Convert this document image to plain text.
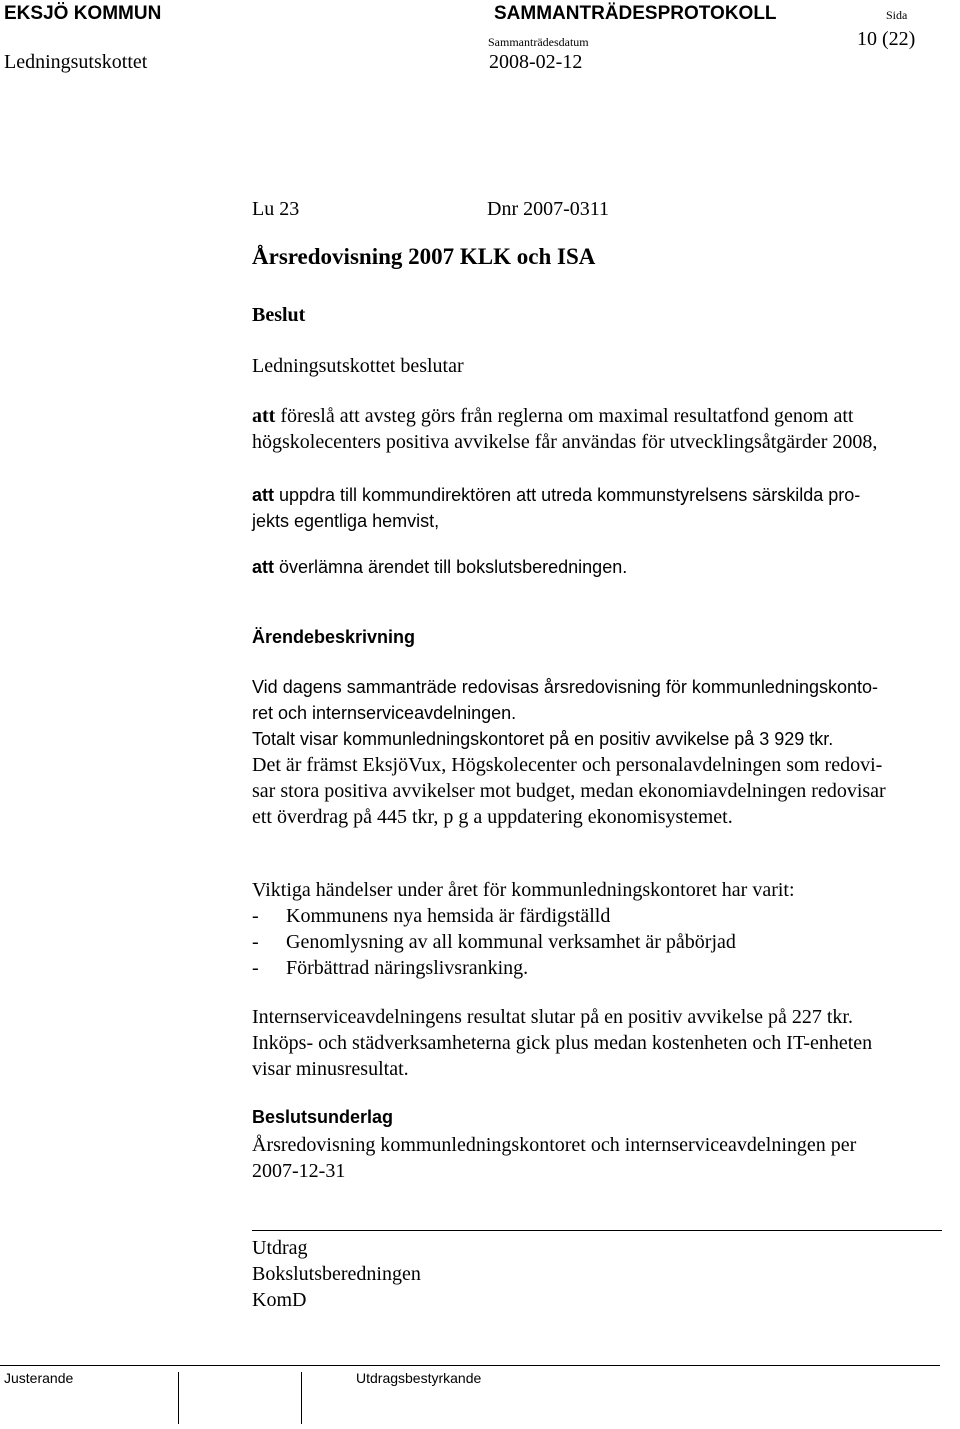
EKSJÖ KOMMUN	SAMMANTRÄDESPROTOKOLL	Sida
10 (22)
Ledningsutskottet
Sammanträdesdatum
2008-02-12
Lu 23	Dnr 2007-0311
Årsredovisning 2007 KLK och ISA
Beslut
Ledningsutskottet beslutar
att föreslå att avsteg görs från reglerna om maximal resultatfond genom att
högskolecenters positiva avvikelse får användas för utvecklingsåtgärder 2008,
att uppdra till kommundirektören att utreda kommunstyrelsens särskilda pro-
jekts egentliga hemvist,
att överlämna ärendet till bokslutsberedningen.
Ärendebeskrivning
Vid dagens sammanträde redovisas årsredovisning för kommunledningskonto-
ret och internserviceavdelningen.
Totalt visar kommunledningskontoret på en positiv avvikelse på 3 929 tkr.
Det är främst EksjöVux, Högskolecenter och personalavdelningen som redovi-
sar stora positiva avvikelser mot budget, medan ekonomiavdelningen redovisar
ett överdrag på 445 tkr, p g a uppdatering ekonomisystemet.
Viktiga händelser under året för kommunledningskontoret har varit:
- Kommunens nya hemsida är färdigställd
- Genomlysning av all kommunal verksamhet är påbörjad
- Förbättrad näringslivsranking.
Internserviceavdelningens resultat slutar på en positiv avvikelse på 227 tkr.
Inköps- och städverksamheterna gick plus medan kostenheten och IT-enheten
visar minusresultat.
Beslutsunderlag
Årsredovisning kommunledningskontoret och internserviceavdelningen per
2007-12-31
Utdrag
Bokslutsberedningen
KomD
Justerande	Utdragsbestyrkande
